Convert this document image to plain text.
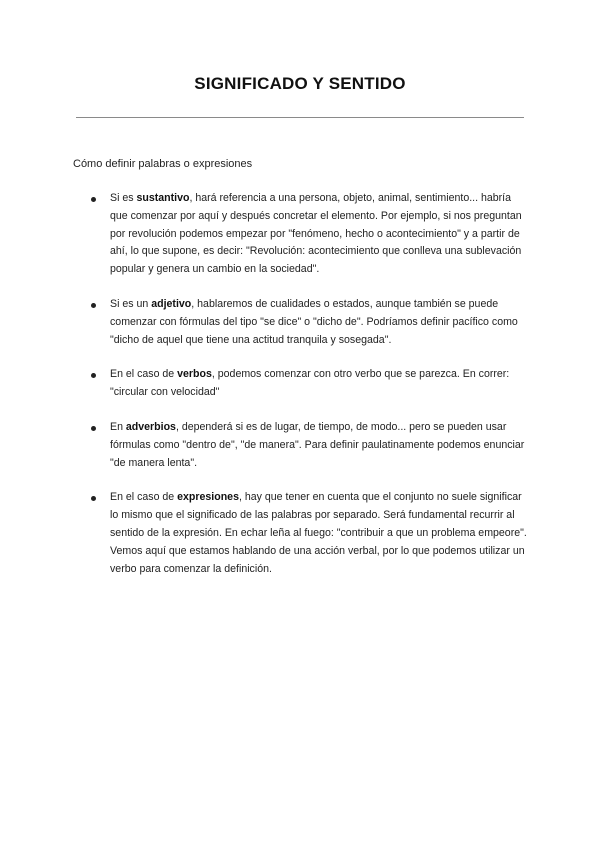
SIGNIFICADO Y SENTIDO
Cómo definir palabras o expresiones
Si es sustantivo, hará referencia a una persona, objeto, animal, sentimiento... habría que comenzar por aquí y después concretar el elemento. Por ejemplo, si nos preguntan por revolución podemos empezar por "fenómeno, hecho o acontecimiento" y a partir de ahí, lo que supone, es decir: "Revolución: acontecimiento que conlleva una sublevación popular y genera un cambio en la sociedad".
Si es un adjetivo, hablaremos de cualidades o estados, aunque también se puede comenzar con fórmulas del tipo "se dice" o "dicho de". Podríamos definir pacífico como "dicho de aquel que tiene una actitud tranquila y sosegada".
En el caso de verbos, podemos comenzar con otro verbo que se parezca. En correr: "circular con velocidad"
En adverbios, dependerá si es de lugar, de tiempo, de modo... pero se pueden usar fórmulas como "dentro de", "de manera". Para definir paulatinamente podemos enunciar "de manera lenta".
En el caso de expresiones, hay que tener en cuenta que el conjunto no suele significar lo mismo que el significado de las palabras por separado. Será fundamental recurrir al sentido de la expresión. En echar leña al fuego: "contribuir a que un problema empeore". Vemos aquí que estamos hablando de una acción verbal, por lo que podemos utilizar un verbo para comenzar la definición.
